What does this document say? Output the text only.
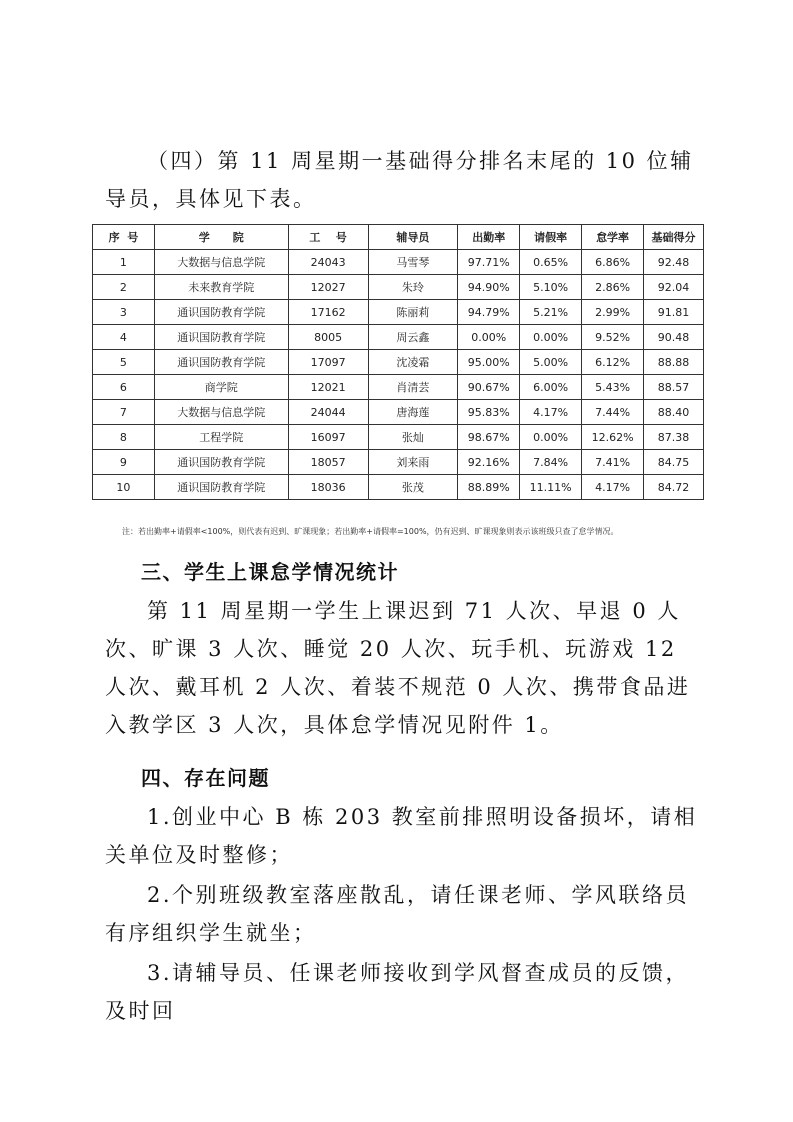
（四）第 11 周星期一基础得分排名末尾的 10 位辅导员，具体见下表。

序  号	学      院	工    号	辅导员	出勤率	请假率	怠学率	基础得分
1	大数据与信息学院	24043	马雪琴	97.71%	0.65%	6.86%	92.48
2	未来教育学院	12027	朱玲	94.90%	5.10%	2.86%	92.04
3	通识国防教育学院	17162	陈丽莉	94.79%	5.21%	2.99%	91.81
4	通识国防教育学院	8005	周云鑫	0.00%	0.00%	9.52%	90.48
5	通识国防教育学院	17097	沈凌霜	95.00%	5.00%	6.12%	88.88
6	商学院	12021	肖清芸	90.67%	6.00%	5.43%	88.57
7	大数据与信息学院	24044	唐海莲	95.83%	4.17%	7.44%	88.40
8	工程学院	16097	张灿	98.67%	0.00%	12.62%	87.38
9	通识国防教育学院	18057	刘来雨	92.16%	7.84%	7.41%	84.75
10	通识国防教育学院	18036	张茂	88.89%	11.11%	4.17%	84.72
注：若出勤率+请假率<100%，则代表有迟到、旷课现象；若出勤率+请假率=100%，仍有迟到、旷课现象则表示该班级只查了怠学情况。
三、学生上课怠学情况统计

第 11 周星期一学生上课迟到 71 人次、早退 0 人次、旷课 3 人次、睡觉 20 人次、玩手机、玩游戏 12 人次、戴耳机 2 人次、着装不规范 0 人次、携带食品进入教学区 3 人次，具体怠学情况见附件 1。

四、存在问题

1.创业中心 B 栋 203 教室前排照明设备损坏，请相关单位及时整修；

2.个别班级教室落座散乱，请任课老师、学风联络员有序组织学生就坐；

3.请辅导员、任课老师接收到学风督查成员的反馈，及时回
